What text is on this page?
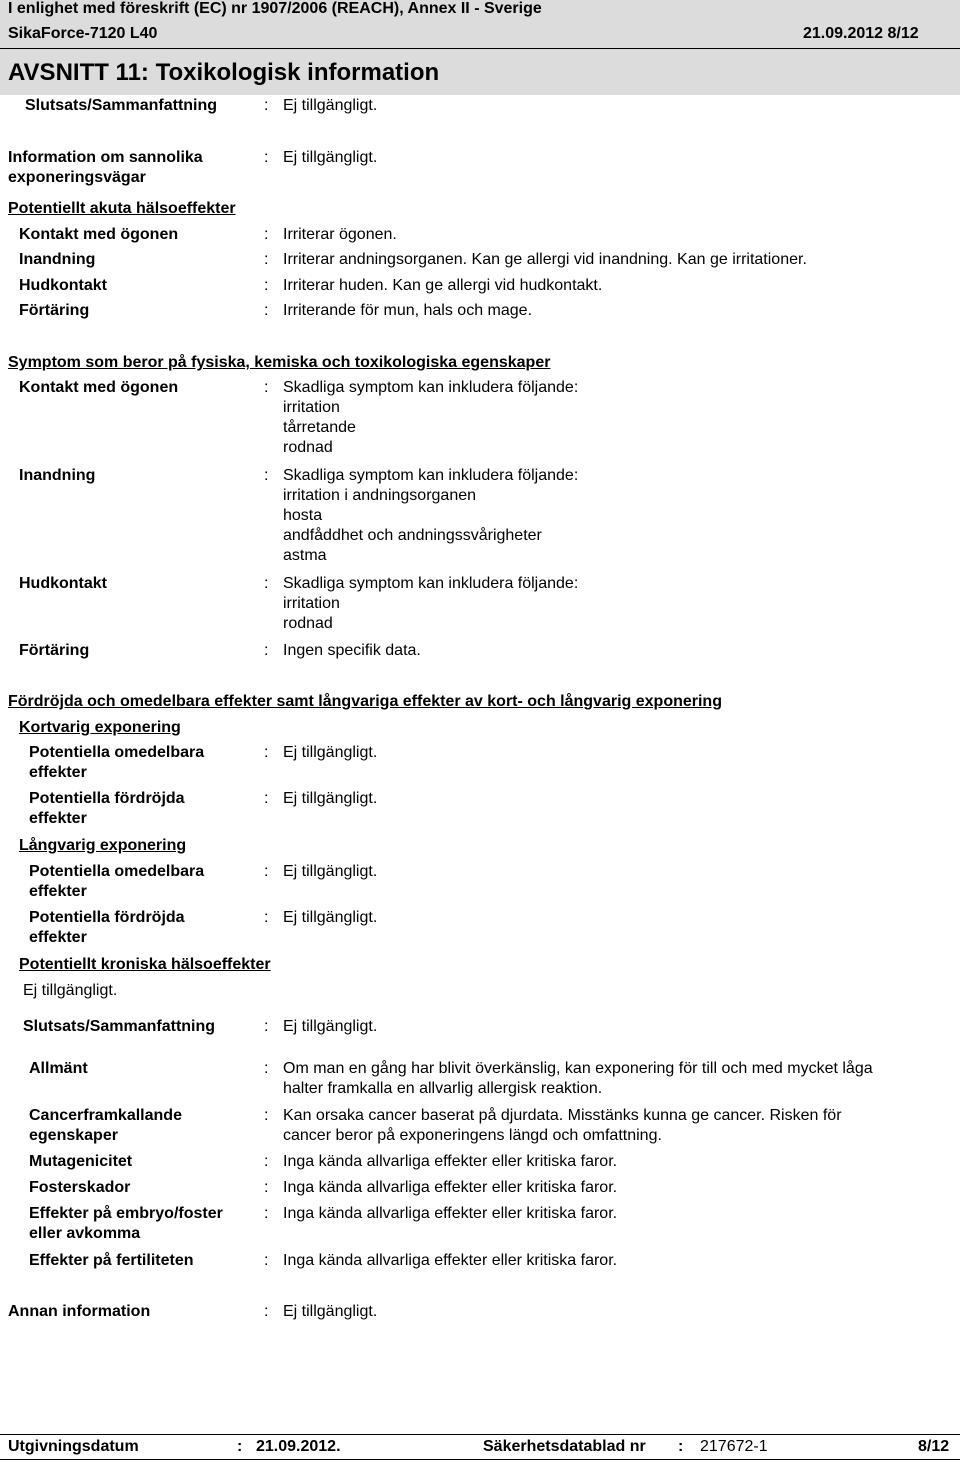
I enlighet med föreskrift (EC) nr 1907/2006 (REACH), Annex II - Sverige
SikaForce-7120 L40	21.09.2012 8/12
AVSNITT 11: Toxikologisk information
Slutsats/Sammanfattning	: Ej tillgängligt.
Information om sannolika
exponeringsvägar
: Ej tillgängligt.
Potentiellt akuta hälsoeffekter
Kontakt med ögonen	: Irriterar ögonen.
Inandning	: Irriterar andningsorganen. Kan ge allergi vid inandning. Kan ge irritationer.
Hudkontakt	: Irriterar huden. Kan ge allergi vid hudkontakt.
Förtäring	: Irriterande för mun, hals och mage.
Symptom som beror på fysiska, kemiska och toxikologiska egenskaper
Kontakt med ögonen	: Skadliga symptom kan inkludera följande:
irritation
tårretande
rodnad
Inandning	: Skadliga symptom kan inkludera följande:
irritation i andningsorganen
hosta
andfåddhet och andningssvårigheter
astma
Hudkontakt	: Skadliga symptom kan inkludera följande:
irritation
rodnad
Förtäring	: Ingen specifik data.
Fördröjda och omedelbara effekter samt långvariga effekter av kort- och långvarig exponering
Kortvarig exponering
Potentiella omedelbara
effekter
: Ej tillgängligt.
Potentiella fördröjda
effekter
: Ej tillgängligt.
Långvarig exponering
Potentiella omedelbara
effekter
: Ej tillgängligt.
Potentiella fördröjda
effekter
: Ej tillgängligt.
Potentiellt kroniska hälsoeffekter
Ej tillgängligt.
Slutsats/Sammanfattning	: Ej tillgängligt.
Allmänt	: Om man en gång har blivit överkänslig, kan exponering för till och med mycket låga
halter framkalla en allvarlig allergisk reaktion.
Cancerframkallande
egenskaper
: Kan orsaka cancer baserat på djurdata. Misstänks kunna ge cancer. Risken för
cancer beror på exponeringens längd och omfattning.
Mutagenicitet	: Inga kända allvarliga effekter eller kritiska faror.
Fosterskador	: Inga kända allvarliga effekter eller kritiska faror.
Effekter på embryo/foster
eller avkomma
: Inga kända allvarliga effekter eller kritiska faror.
Effekter på fertiliteten	: Inga kända allvarliga effekter eller kritiska faror.
Annan information	: Ej tillgängligt.
Utgivningsdatum	: 21.09.2012.	Säkerhetsdatablad nr : 217672-1	8/12
